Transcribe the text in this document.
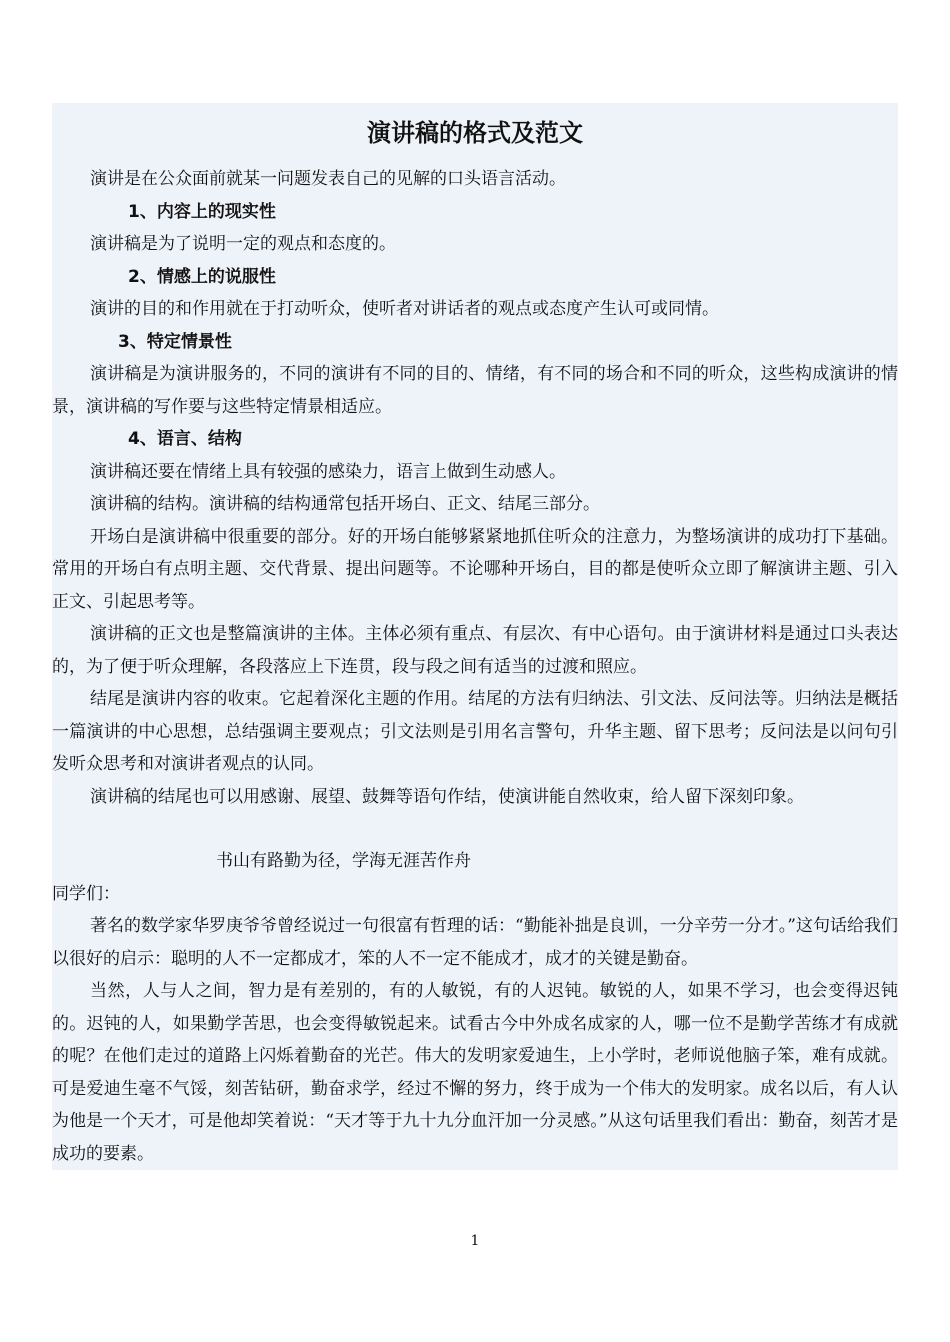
演讲稿的格式及范文

演讲是在公众面前就某一问题发表自己的见解的口头语言活动。

1、内容上的现实性

演讲稿是为了说明一定的观点和态度的。

2、情感上的说服性

演讲的目的和作用就在于打动听众，使听者对讲话者的观点或态度产生认可或同情。

3、特定情景性

演讲稿是为演讲服务的，不同的演讲有不同的目的、情绪，有不同的场合和不同的听众，这些构成演讲的情景，演讲稿的写作要与这些特定情景相适应。

4、语言、结构

演讲稿还要在情绪上具有较强的感染力，语言上做到生动感人。

演讲稿的结构。演讲稿的结构通常包括开场白、正文、结尾三部分。

开场白是演讲稿中很重要的部分。好的开场白能够紧紧地抓住听众的注意力，为整场演讲的成功打下基础。常用的开场白有点明主题、交代背景、提出问题等。不论哪种开场白，目的都是使听众立即了解演讲主题、引入正文、引起思考等。

演讲稿的正文也是整篇演讲的主体。主体必须有重点、有层次、有中心语句。由于演讲材料是通过口头表达的，为了便于听众理解，各段落应上下连贯，段与段之间有适当的过渡和照应。

结尾是演讲内容的收束。它起着深化主题的作用。结尾的方法有归纳法、引文法、反问法等。归纳法是概括一篇演讲的中心思想，总结强调主要观点；引文法则是引用名言警句，升华主题、留下思考；反问法是以问句引发听众思考和对演讲者观点的认同。

演讲稿的结尾也可以用感谢、展望、鼓舞等语句作结，使演讲能自然收束，给人留下深刻印象。

书山有路勤为径，学海无涯苦作舟

同学们：

著名的数学家华罗庚爷爷曾经说过一句很富有哲理的话：“勤能补拙是良训，一分辛劳一分才。”这句话给我们以很好的启示：聪明的人不一定都成才，笨的人不一定不能成才，成才的关键是勤奋。

当然，人与人之间，智力是有差别的，有的人敏锐，有的人迟钝。敏锐的人，如果不学习，也会变得迟钝的。迟钝的人，如果勤学苦思，也会变得敏锐起来。试看古今中外成名成家的人，哪一位不是勤学苦练才有成就的呢？在他们走过的道路上闪烁着勤奋的光芒。伟大的发明家爱迪生，上小学时，老师说他脑子笨，难有成就。可是爱迪生毫不气馁，刻苦钻研，勤奋求学，经过不懈的努力，终于成为一个伟大的发明家。成名以后，有人认为他是一个天才，可是他却笑着说：“天才等于九十九分血汗加一分灵感。”从这句话里我们看出：勤奋，刻苦才是成功的要素。

1
